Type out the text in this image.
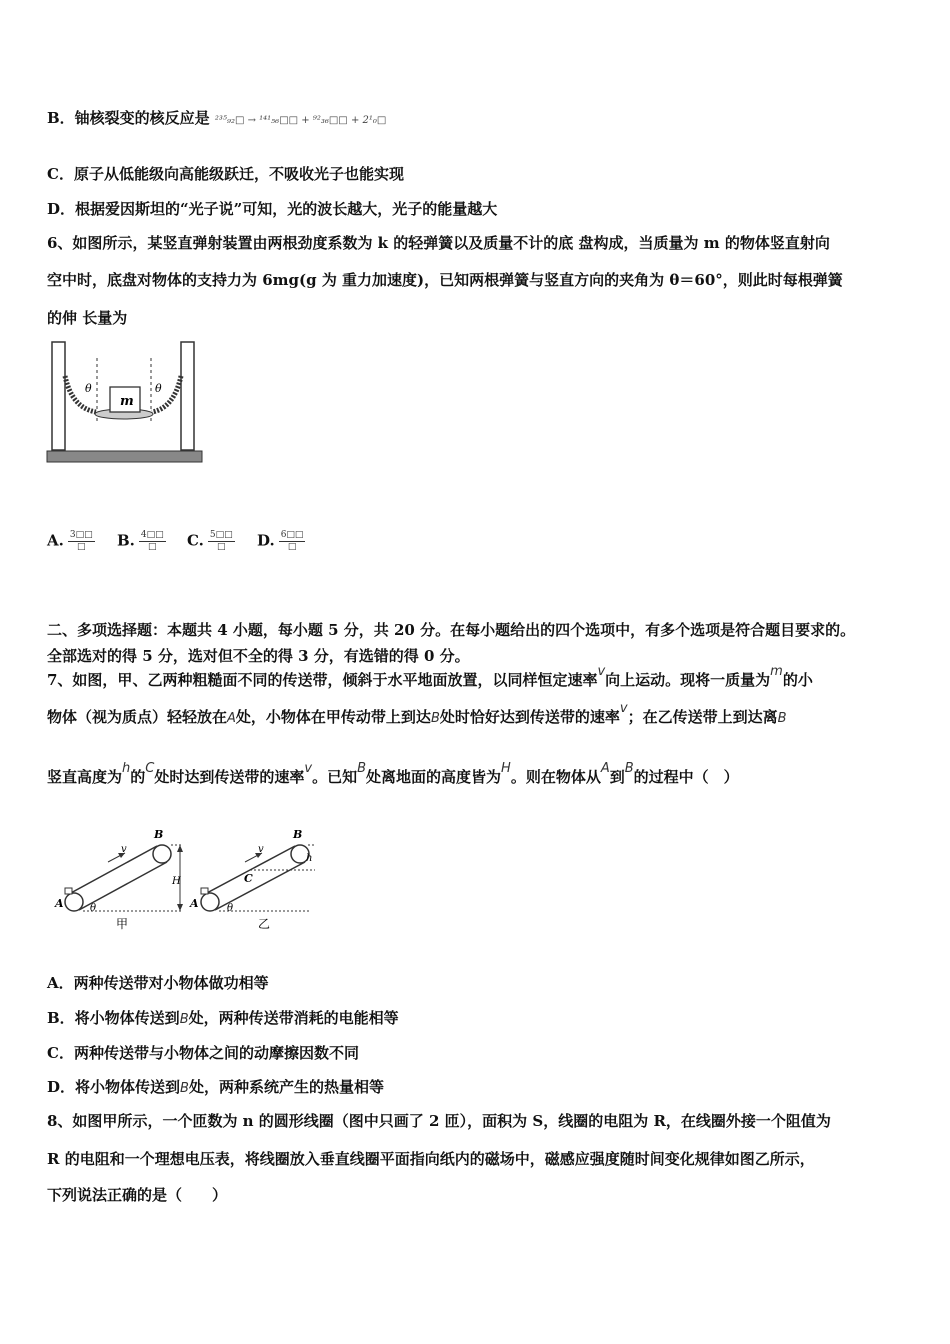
B．铀核裂变的核反应是 ²³⁵₉₂□ → ¹⁴¹₅₆□□ + ⁹²₃₆□□ + 2¹₀□
C．原子从低能级向高能级跃迁，不吸收光子也能实现
D．根据爱因斯坦的“光子说”可知，光的波长越大，光子的能量越大
6、如图所示，某竖直弹射装置由两根劲度系数为 k 的轻弹簧以及质量不计的底 盘构成，当质量为 m 的物体竖直射向
空中时，底盘对物体的支持力为 6mg(g 为 重力加速度)，已知两根弹簧与竖直方向的夹角为 θ＝60°，则此时每根弹簧
的伸 长量为
m
θ	θ
A. $\frac{3□□}{□} B$. $\frac{4□□}{□} C$. $\frac{5□□}{□} D$. $\frac{6□□}{□}$
二、多项选择题：本题共 4 小题，每小题 5 分，共 20 分。在每小题给出的四个选项中，有多个选项是符合题目要求的。
全部选对的得 5 分，选对但不全的得 3 分，有选错的得 0 分。
7、如图，甲、乙两种粗糙面不同的传送带，倾斜于水平地面放置，以同样恒定速率v向上运动。现将一质量为m的小
物体（视为质点）轻轻放在A处，小物体在甲传动带上到达B处时恰好达到传送带的速率v；在乙传送带上到达离B
竖直高度为h的C处时达到传送带的速率v。已知B处离地面的高度皆为H。则在物体从A到B的过程中（　）
v
B
A
H
θ
甲
v
B
A
C
h
θ
乙
A．两种传送带对小物体做功相等
B．将小物体传送到B处，两种传送带消耗的电能相等
C．两种传送带与小物体之间的动摩擦因数不同
D．将小物体传送到B处，两种系统产生的热量相等
8、如图甲所示，一个匝数为 n 的圆形线圈（图中只画了 2 匝），面积为 S，线圈的电阻为 R，在线圈外接一个阻值为
R 的电阻和一个理想电压表，将线圈放入垂直线圈平面指向纸内的磁场中，磁感应强度随时间变化规律如图乙所示，
下列说法正确的是（　　）
